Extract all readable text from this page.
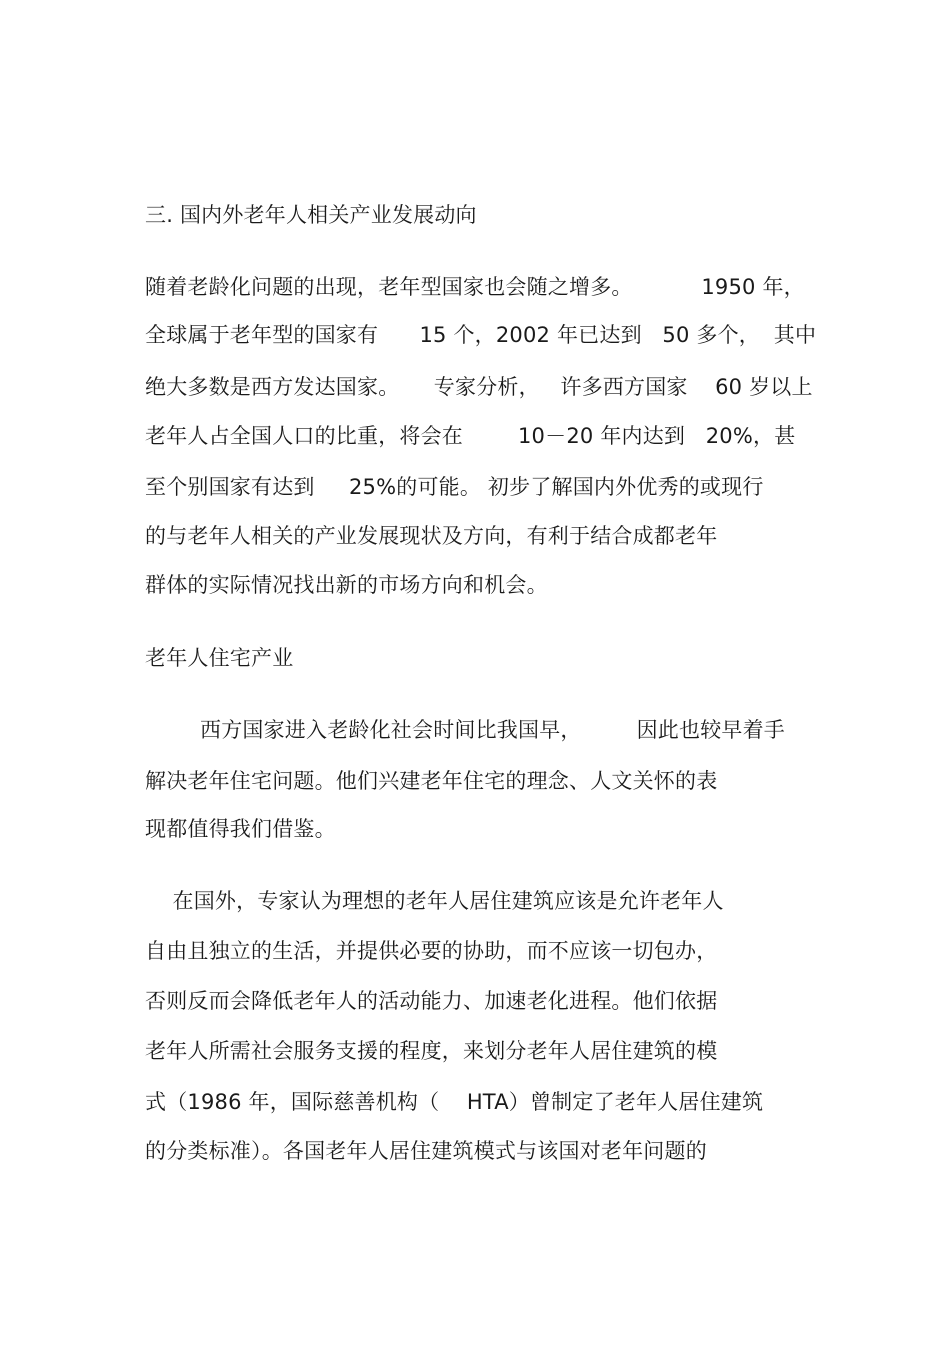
三. 国内外老年人相关产业发展动向
随着老龄化问题的出现，老年型国家也会随之增多。          1950 年，
全球属于老年型的国家有      15 个，2002 年已达到   50 多个，  其中
绝大多数是西方发达国家。     专家分析，   许多西方国家    60 岁以上
老年人占全国人口的比重，将会在        10－20 年内达到   20%，甚
至个别国家有达到     25%的可能。 初步了解国内外优秀的或现行
的与老年人相关的产业发展现状及方向，有利于结合成都老年
群体的实际情况找出新的市场方向和机会。
老年人住宅产业
西方国家进入老龄化社会时间比我国早，        因此也较早着手
解决老年住宅问题。他们兴建老年住宅的理念、人文关怀的表
现都值得我们借鉴。
在国外，专家认为理想的老年人居住建筑应该是允许老年人
自由且独立的生活，并提供必要的协助，而不应该一切包办，
否则反而会降低老年人的活动能力、加速老化进程。他们依据
老年人所需社会服务支援的程度，来划分老年人居住建筑的模
式（1986 年，国际慈善机构（    HTA）曾制定了老年人居住建筑
的分类标准）。各国老年人居住建筑模式与该国对老年问题的
